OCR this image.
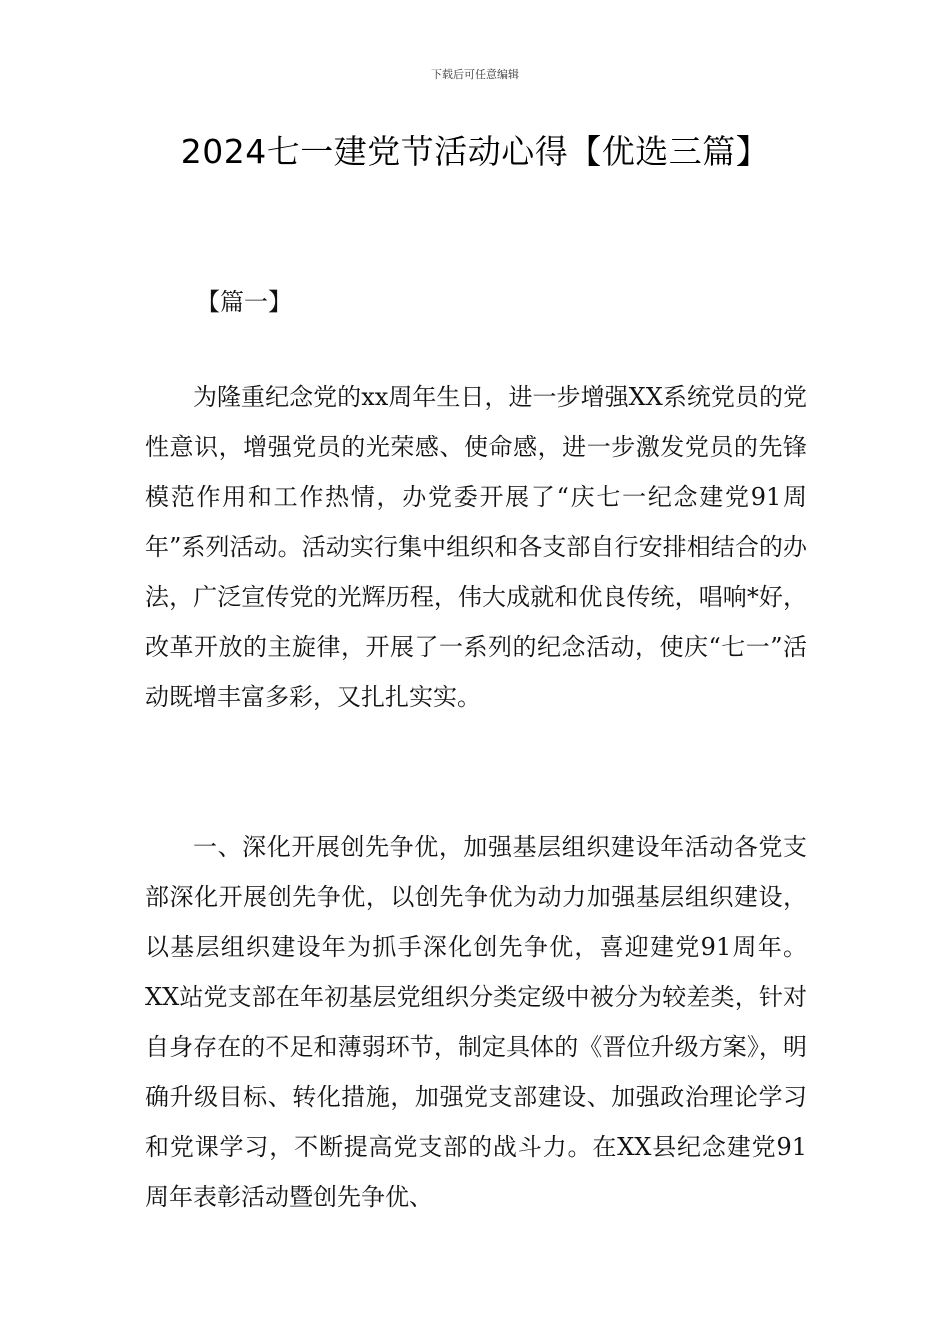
下载后可任意编辑
2024七一建党节活动心得【优选三篇】
【篇一】

为隆重纪念党的xx周年生日，进一步增强XX系统党员的党性意识，增强党员的光荣感、使命感，进一步激发党员的先锋模范作用和工作热情，办党委开展了“庆七一纪念建党91周年”系列活动。活动实行集中组织和各支部自行安排相结合的办法，广泛宣传党的光辉历程，伟大成就和优良传统，唱响*好，改革开放的主旋律，开展了一系列的纪念活动，使庆“七一”活动既增丰富多彩，又扎扎实实。

一、深化开展创先争优，加强基层组织建设年活动各党支部深化开展创先争优，以创先争优为动力加强基层组织建设，以基层组织建设年为抓手深化创先争优，喜迎建党91周年。XX站党支部在年初基层党组织分类定级中被分为较差类，针对自身存在的不足和薄弱环节，制定具体的《晋位升级方案》，明确升级目标、转化措施，加强党支部建设、加强政治理论学习和党课学习，不断提高党支部的战斗力。在XX县纪念建党91周年表彰活动暨创先争优、
